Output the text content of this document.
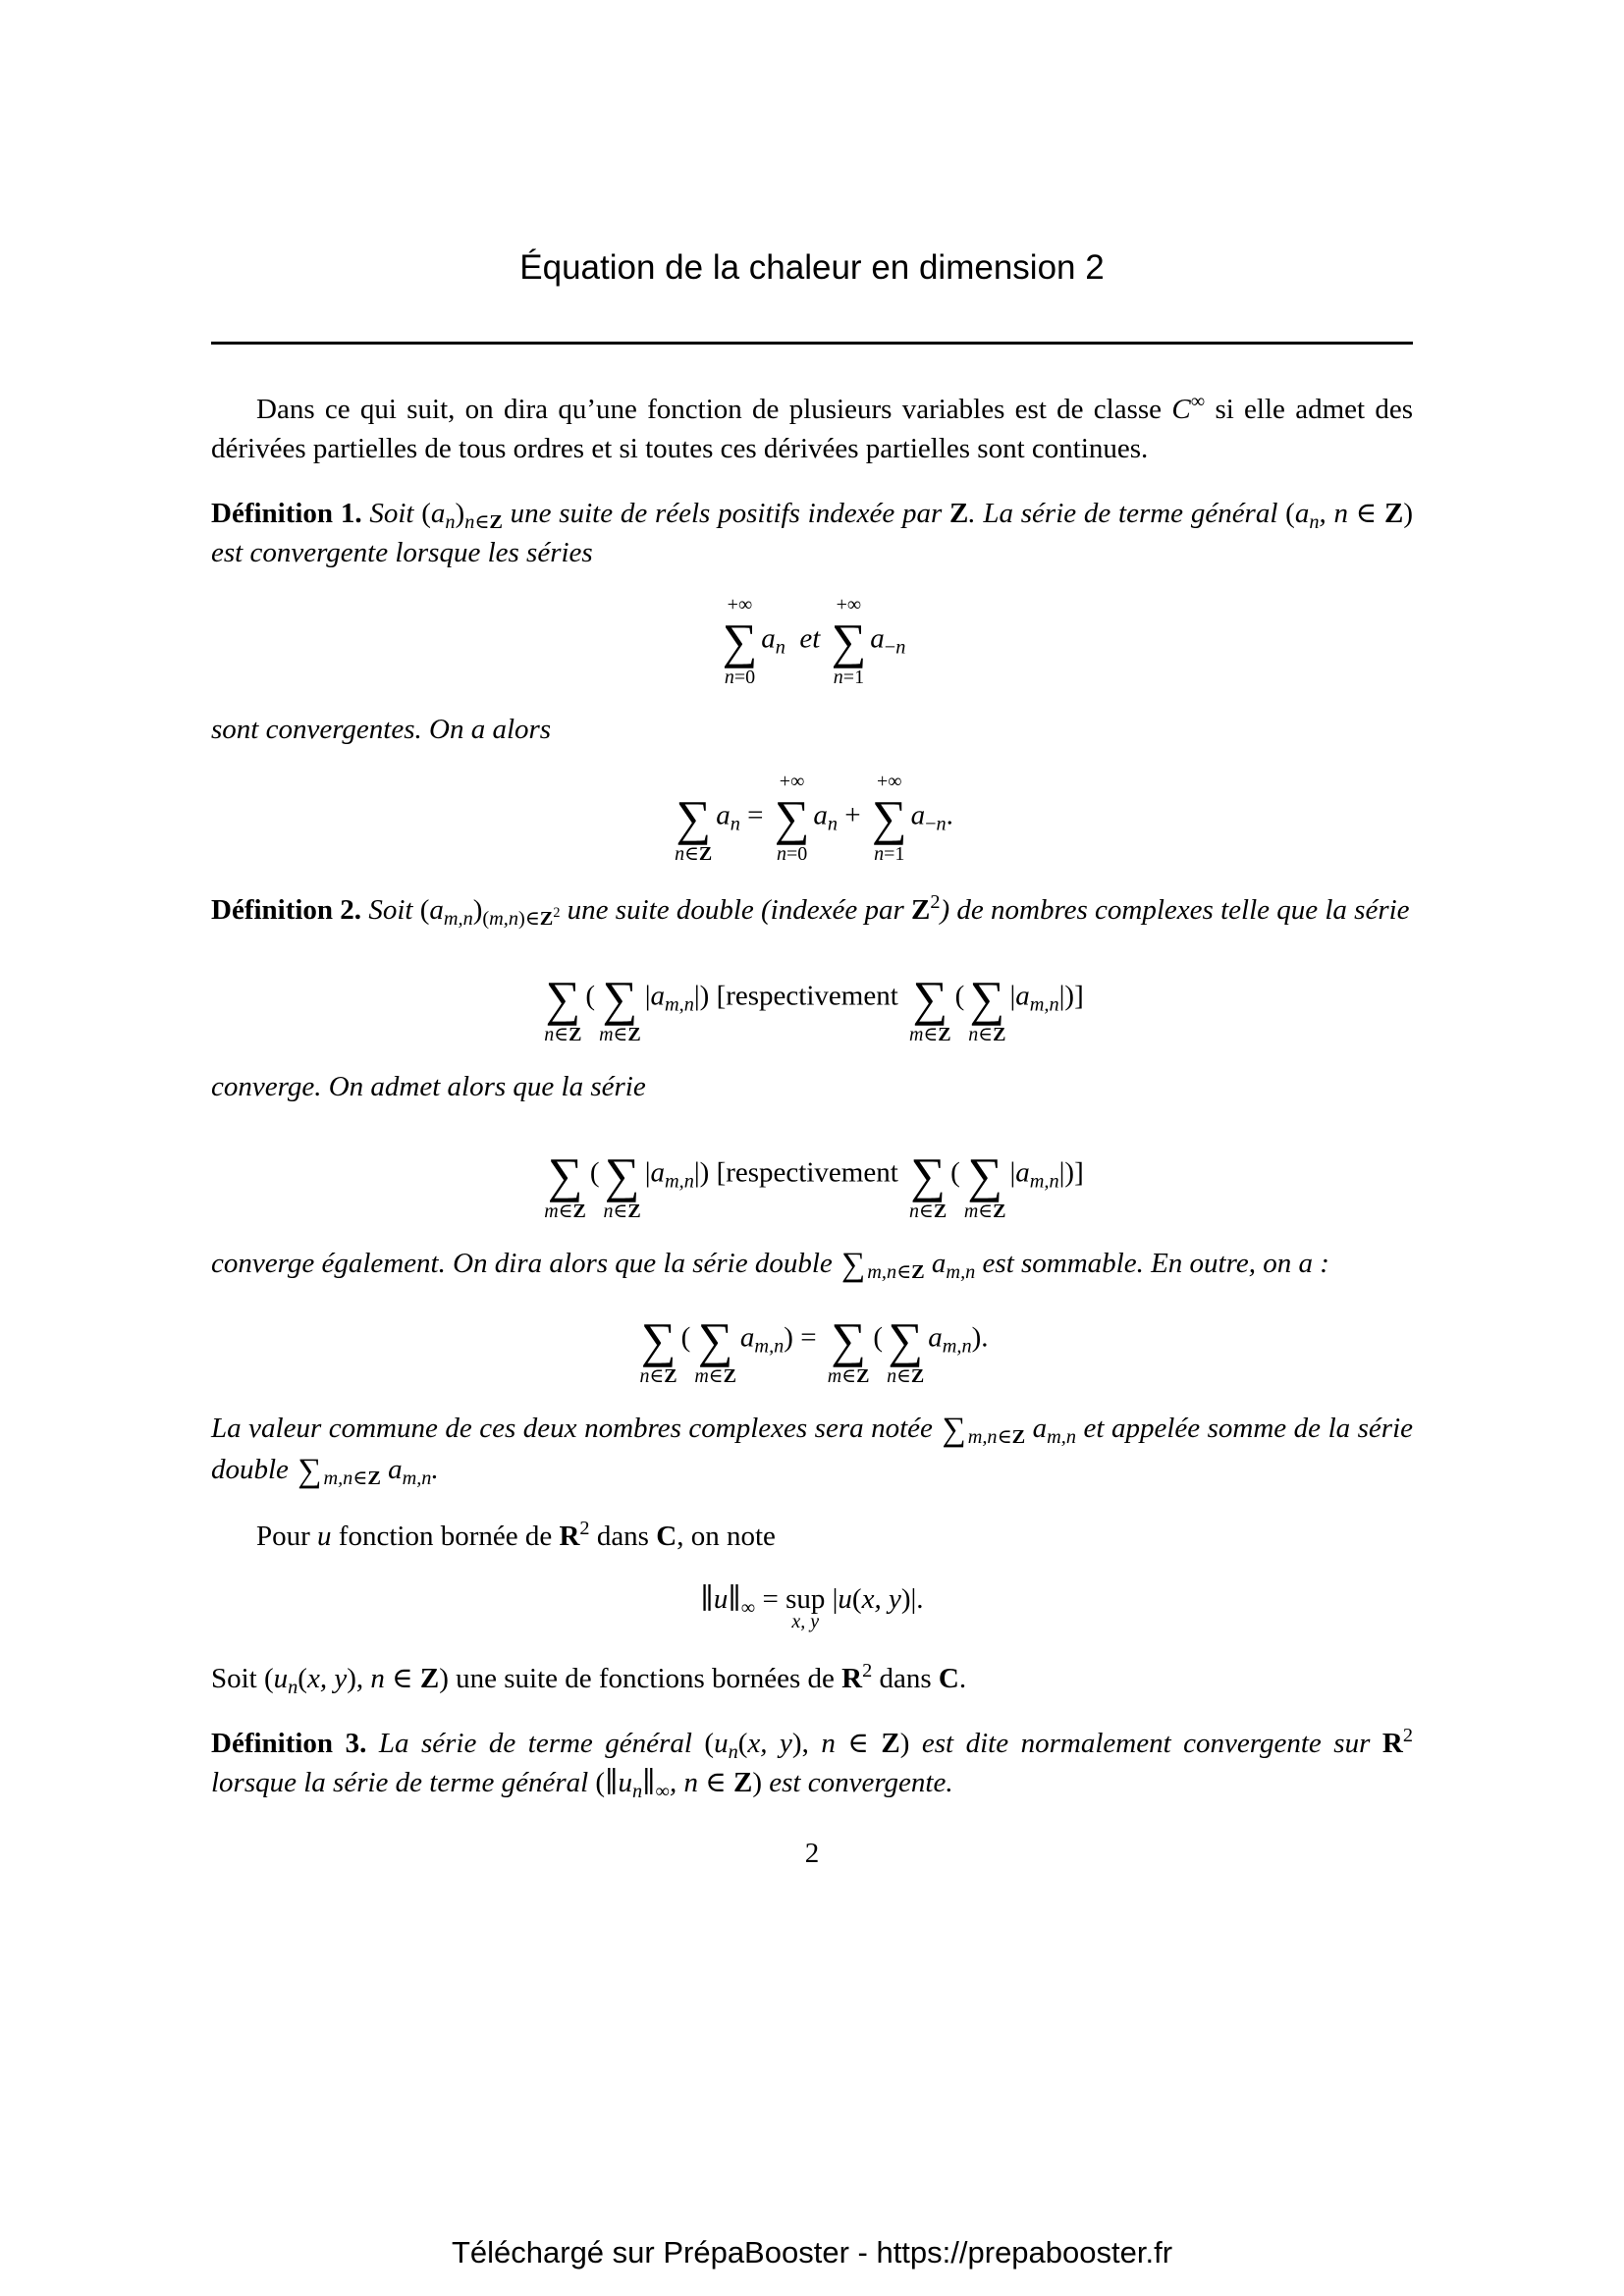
Équation de la chaleur en dimension 2

Dans ce qui suit, on dira qu’une fonction de plusieurs variables est de classe C∞ si elle admet des dérivées partielles de tous ordres et si toutes ces dérivées partielles sont continues.

Définition 1. Soit $(a_n)_{n\in Z}$ une suite de réels positifs indexée par Z. La série de terme général ($a_n$, n ∈ Z) est convergente lorsque les séries

+∞
∑
n=0
$a_n$  et
+∞
∑
n=1
$a_{-n}$

sont convergentes. On a alors

∑
n∈Z
$a_n$ =
+∞
∑
n=0
$a_n$ +
+∞
∑
n=1
$a_{-n}$.

Définition 2. Soit $(a_{m,n})_{(m,n)\in Z^2}$ une suite double (indexée par $Z^2$) de nombres complexes telle que la série

∑
n∈Z
( ∑
m∈Z
$|a_{m,n}|$) [respectivement ∑
m∈Z
( ∑
n∈Z
$|a_{m,n}|$)]

converge. On admet alors que la série

∑
m∈Z
( ∑
n∈Z
$|a_{m,n}|$) [respectivement ∑
n∈Z
( ∑
m∈Z
$|a_{m,n}|$)]

converge également. On dira alors que la série double $\sum_{m,n\in Z}$ $a_{m,n}$ est sommable. En outre, on a :

∑
n∈Z
( ∑
m∈Z
$a_{m,n}$) = ∑
m∈Z
( ∑
n∈Z
$a_{m,n}$).

La valeur commune de ces deux nombres complexes sera notée $\sum_{m,n\in Z}$ $a_{m,n}$ et appelée somme de la série double $\sum_{m,n\in Z}$ $a_{m,n}$.

Pour u fonction bornée de $R^2$ dans C, on note

$\parallel u\parallel_\infty$ = sup
x, y
|u(x, y)|.

Soit ($u_n(x$, y), n ∈ Z) une suite de fonctions bornées de $R^2$ dans C.

Définition 3. La série de terme général ($u_n(x$, y), n ∈ Z) est dite normalement convergente sur $R^2$ lorsque la série de terme général ($\parallel u_n\parallel_\infty$, n ∈ Z) est convergente.

2
Téléchargé sur PrépaBooster - https://prepabooster.fr
